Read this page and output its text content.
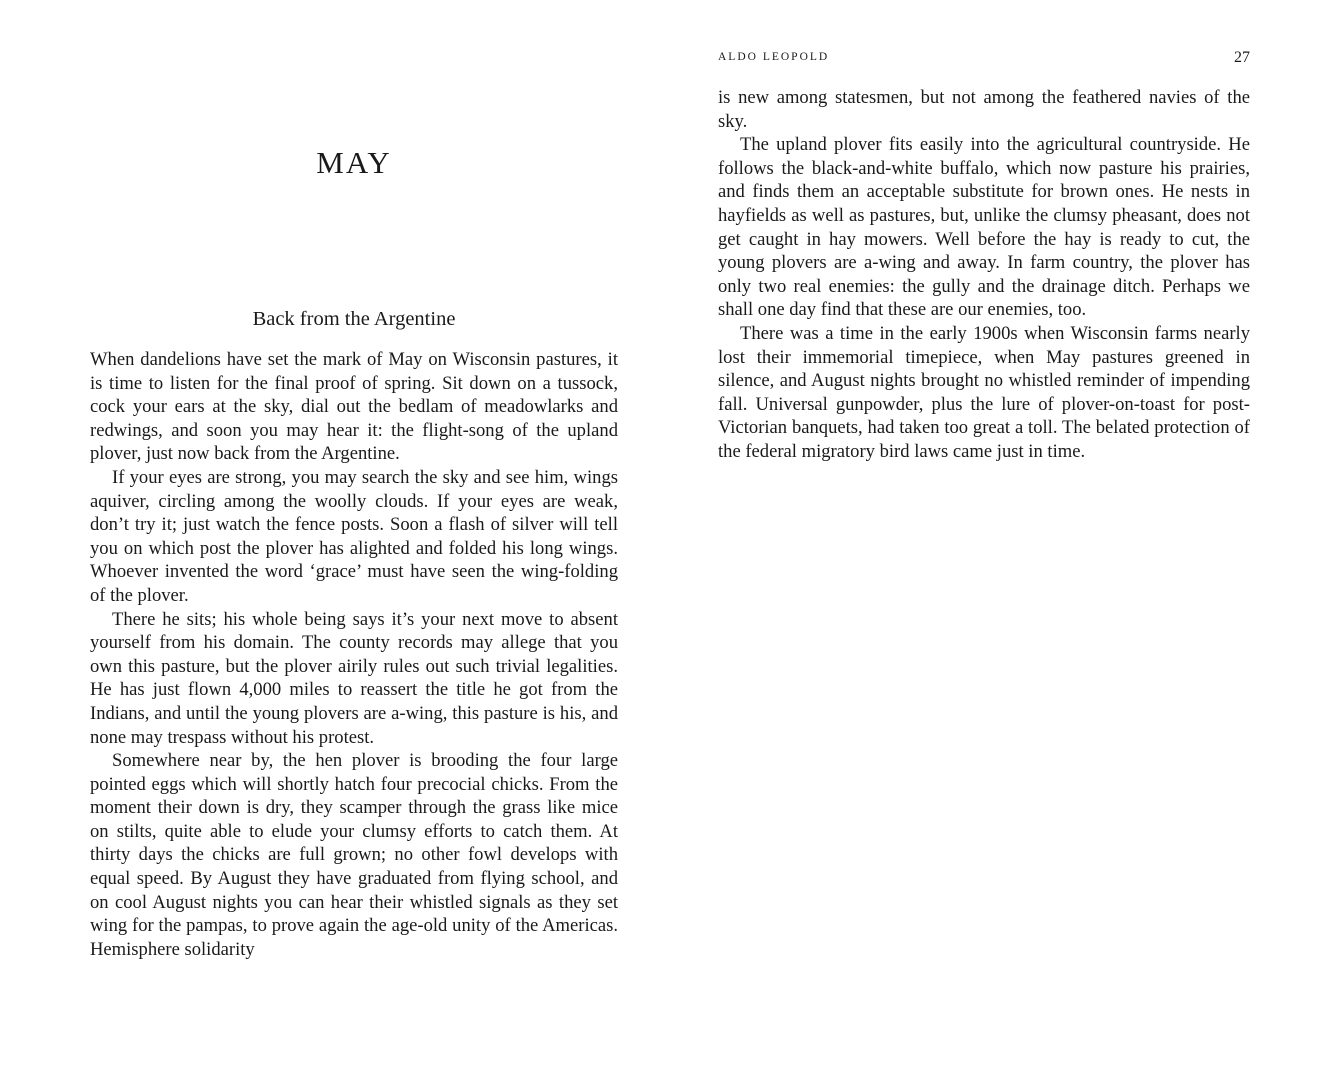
MAY
Back from the Argentine

When dandelions have set the mark of May on Wisconsin pastures, it is time to listen for the final proof of spring. Sit down on a tussock, cock your ears at the sky, dial out the bedlam of meadowlarks and redwings, and soon you may hear it: the flight-song of the upland plover, just now back from the Argentine.

If your eyes are strong, you may search the sky and see him, wings aquiver, circling among the woolly clouds. If your eyes are weak, don’t try it; just watch the fence posts. Soon a flash of silver will tell you on which post the plover has alighted and folded his long wings. Whoever invented the word ‘grace’ must have seen the wing-folding of the plover.

There he sits; his whole being says it’s your next move to absent yourself from his domain. The county records may allege that you own this pasture, but the plover airily rules out such trivial legalities. He has just flown 4,000 miles to reassert the title he got from the Indians, and until the young plovers are a-wing, this pasture is his, and none may trespass without his protest.

Somewhere near by, the hen plover is brooding the four large pointed eggs which will shortly hatch four precocial chicks. From the moment their down is dry, they scamper through the grass like mice on stilts, quite able to elude your clumsy efforts to catch them. At thirty days the chicks are full grown; no other fowl develops with equal speed. By August they have graduated from flying school, and on cool August nights you can hear their whistled signals as they set wing for the pampas, to prove again the age-old unity of the Americas. Hemisphere solidarity

ALDO LEOPOLD	27

is new among statesmen, but not among the feathered navies of the sky.

The upland plover fits easily into the agricultural countryside. He follows the black-and-white buffalo, which now pasture his prairies, and finds them an acceptable substitute for brown ones. He nests in hayfields as well as pastures, but, unlike the clumsy pheasant, does not get caught in hay mowers. Well before the hay is ready to cut, the young plovers are a-wing and away. In farm country, the plover has only two real enemies: the gully and the drainage ditch. Perhaps we shall one day find that these are our enemies, too.

There was a time in the early 1900s when Wisconsin farms nearly lost their immemorial timepiece, when May pastures greened in silence, and August nights brought no whistled reminder of impending fall. Universal gunpowder, plus the lure of plover-on-toast for post-Victorian banquets, had taken too great a toll. The belated protection of the federal migratory bird laws came just in time.
